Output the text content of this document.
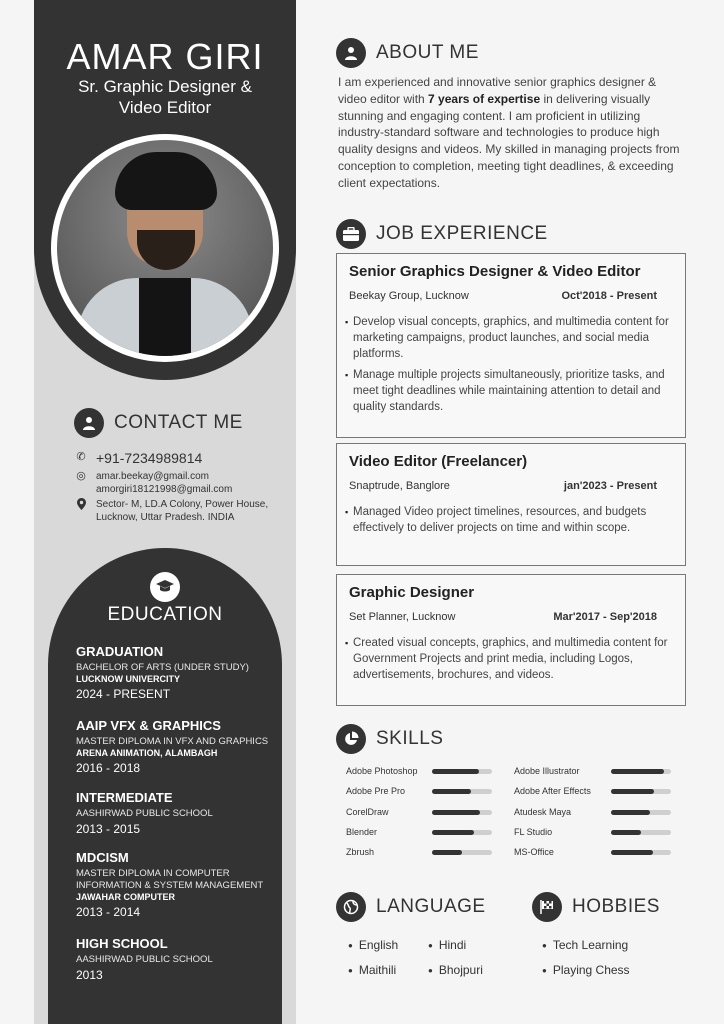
AMAR GIRI
Sr. Graphic Designer &
Video Editor
CONTACT ME
✆ +91-7234989814
◎ amar.beekay@gmail.com
amorgiri18121998@gmail.com
Sector- M, LD.A Colony, Power House,
Lucknow, Uttar Pradesh. INDIA
EDUCATION
GRADUATION
BACHELOR OF ARTS (UNDER STUDY)
LUCKNOW UNIVERCITY
2024 - PRESENT
AAIP VFX & GRAPHICS
MASTER DIPLOMA IN VFX AND GRAPHICS
ARENA ANIMATION, ALAMBAGH
2016 - 2018
INTERMEDIATE
AASHIRWAD PUBLIC SCHOOL
2013 - 2015
MDCISM
MASTER DIPLOMA IN COMPUTER
INFORMATION & SYSTEM MANAGEMENT
JAWAHAR COMPUTER
2013 - 2014
HIGH SCHOOL
AASHIRWAD PUBLIC SCHOOL
2013
ABOUT ME

I am experienced and innovative senior graphics designer & video editor with 7 years of expertise in delivering visually stunning and engaging content. I am proficient in utilizing industry-standard software and technologies to produce high quality designs and videos. My skilled in managing projects from conception to completion, meeting tight deadlines, & exceeding client expectations.

JOB EXPERIENCE
Senior Graphics Designer & Video Editor
Beekay Group, Lucknow	Oct'2018 - Present
▪ Develop visual concepts, graphics, and multimedia content for marketing campaigns, product launches, and social media platforms.
▪ Manage multiple projects simultaneously, prioritize tasks, and meet tight deadlines while maintaining attention to detail and quality standards.
Video Editor (Freelancer)
Snaptrude, Banglore	jan'2023 - Present
▪ Managed Video project timelines, resources, and budgets effectively to deliver projects on time and within scope.
Graphic Designer
Set Planner, Lucknow	Mar'2017 - Sep'2018
▪ Created visual concepts, graphics, and multimedia content for Government Projects and print media, including Logos, advertisements, brochures, and videos.
SKILLS
Adobe Photoshop
Adobe Pre Pro
CorelDraw
Blender
Zbrush
Adobe Illustrator
Adobe After Effects
Atudesk Maya
FL Studio
MS-Office
LANGUAGE
● English	● Hindi
● Maithili	● Bhojpuri
HOBBIES
● Tech Learning
● Playing Chess
